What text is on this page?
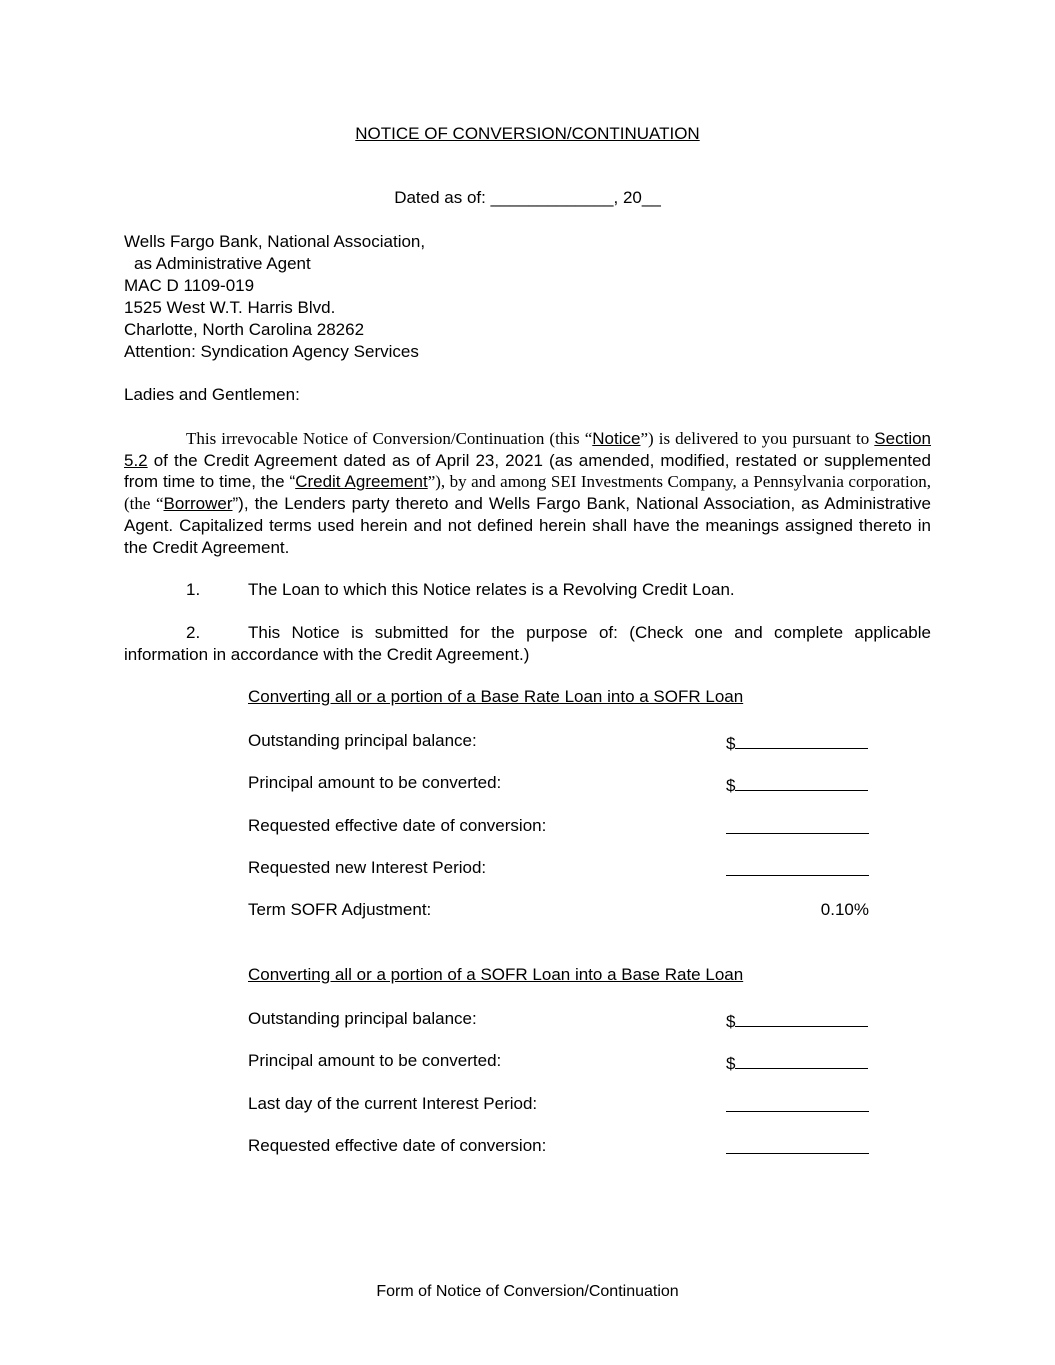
NOTICE OF CONVERSION/CONTINUATION
Dated as of: _____________, 20__
Wells Fargo Bank, National Association,
as Administrative Agent
MAC D 1109-019
1525 West W.T. Harris Blvd.
Charlotte, North Carolina 28262
Attention: Syndication Agency Services
Ladies and Gentlemen:

This irrevocable Notice of Conversion/Continuation (this “Notice”) is delivered to you pursuant to Section 5.2 of the Credit Agreement dated as of April 23, 2021 (as amended, modified, restated or supplemented from time to time, the “Credit Agreement”), by and among SEI Investments Company, a Pennsylvania corporation, (the “Borrower”), the Lenders party thereto and Wells Fargo Bank, National Association, as Administrative Agent. Capitalized terms used herein and not defined herein shall have the meanings assigned thereto in the Credit Agreement.

1.	The Loan to which this Notice relates is a Revolving Credit Loan.

2.	This Notice is submitted for the purpose of: (Check one and complete applicable information in accordance with the Credit Agreement.)

Converting all or a portion of a Base Rate Loan into a SOFR Loan
Outstanding principal balance:	$
Principal amount to be converted:	$
Requested effective date of conversion:
Requested new Interest Period:
Term SOFR Adjustment:	0.10%
Converting all or a portion of a SOFR Loan into a Base Rate Loan
Outstanding principal balance:	$
Principal amount to be converted:	$
Last day of the current Interest Period:
Requested effective date of conversion:
Form of Notice of Conversion/Continuation
